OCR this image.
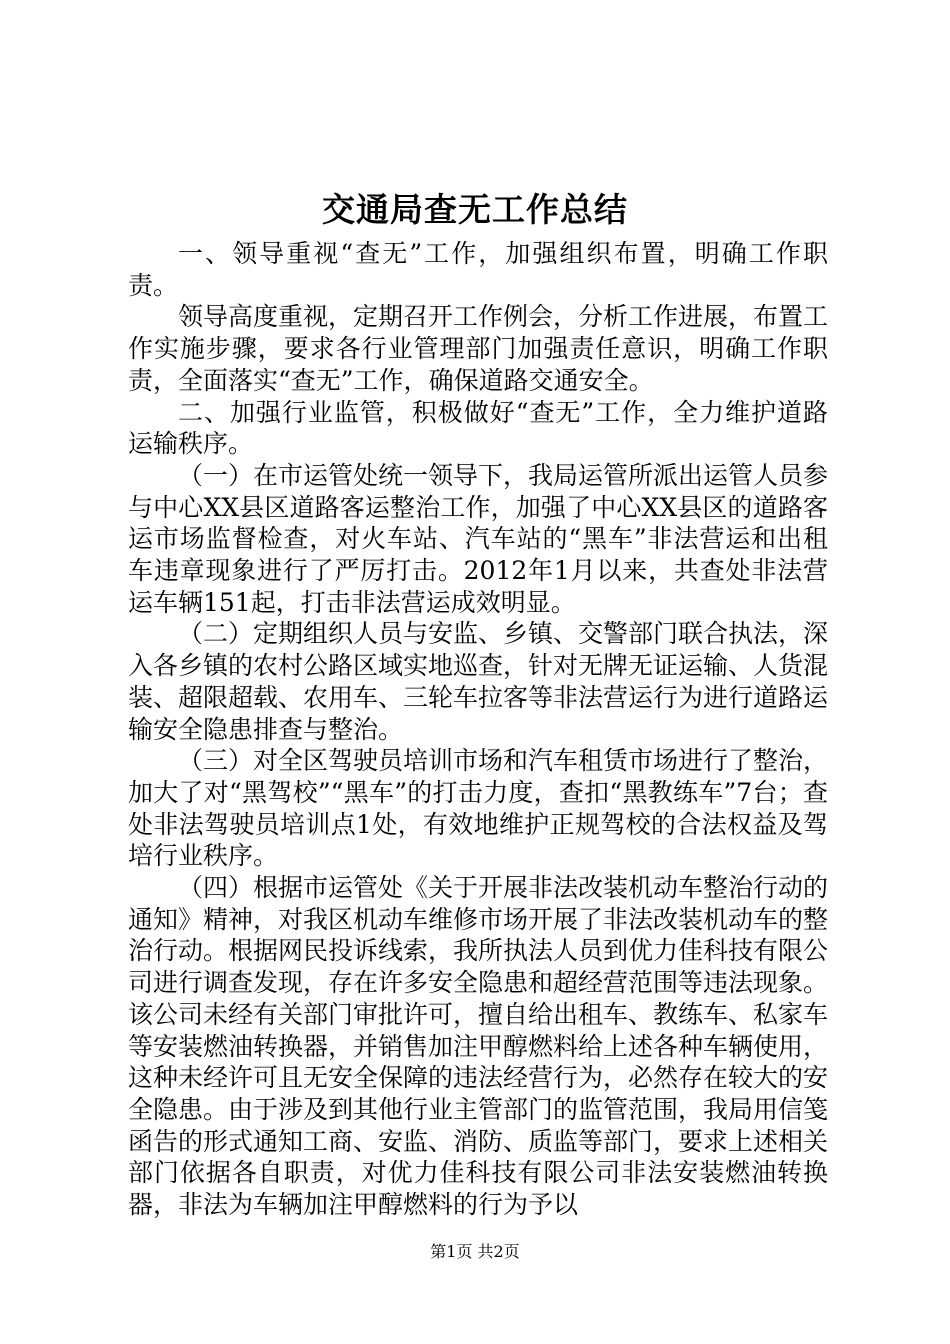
交通局查无工作总结

一、领导重视“查无”工作，加强组织布置，明确工作职责。

领导高度重视，定期召开工作例会，分析工作进展，布置工作实施步骤，要求各行业管理部门加强责任意识，明确工作职责，全面落实“查无”工作，确保道路交通安全。

二、加强行业监管，积极做好“查无”工作，全力维护道路运输秩序。

（一）在市运管处统一领导下，我局运管所派出运管人员参与中心XX县区道路客运整治工作，加强了中心XX县区的道路客运市场监督检查，对火车站、汽车站的“黑车”非法营运和出租车违章现象进行了严厉打击。2012年1月以来，共查处非法营运车辆151起，打击非法营运成效明显。

（二）定期组织人员与安监、乡镇、交警部门联合执法，深入各乡镇的农村公路区域实地巡查，针对无牌无证运输、人货混装、超限超载、农用车、三轮车拉客等非法营运行为进行道路运输安全隐患排查与整治。

（三）对全区驾驶员培训市场和汽车租赁市场进行了整治，加大了对“黑驾校”“黑车”的打击力度，查扣“黑教练车”7台；查处非法驾驶员培训点1处，有效地维护正规驾校的合法权益及驾培行业秩序。

（四）根据市运管处《关于开展非法改装机动车整治行动的通知》精神，对我区机动车维修市场开展了非法改装机动车的整治行动。根据网民投诉线索，我所执法人员到优力佳科技有限公司进行调查发现，存在许多安全隐患和超经营范围等违法现象。该公司未经有关部门审批许可，擅自给出租车、教练车、私家车等安装燃油转换器，并销售加注甲醇燃料给上述各种车辆使用，这种未经许可且无安全保障的违法经营行为，必然存在较大的安全隐患。由于涉及到其他行业主管部门的监管范围，我局用信笺函告的形式通知工商、安监、消防、质监等部门，要求上述相关部门依据各自职责，对优力佳科技有限公司非法安装燃油转换器，非法为车辆加注甲醇燃料的行为予以

第1页 共2页
